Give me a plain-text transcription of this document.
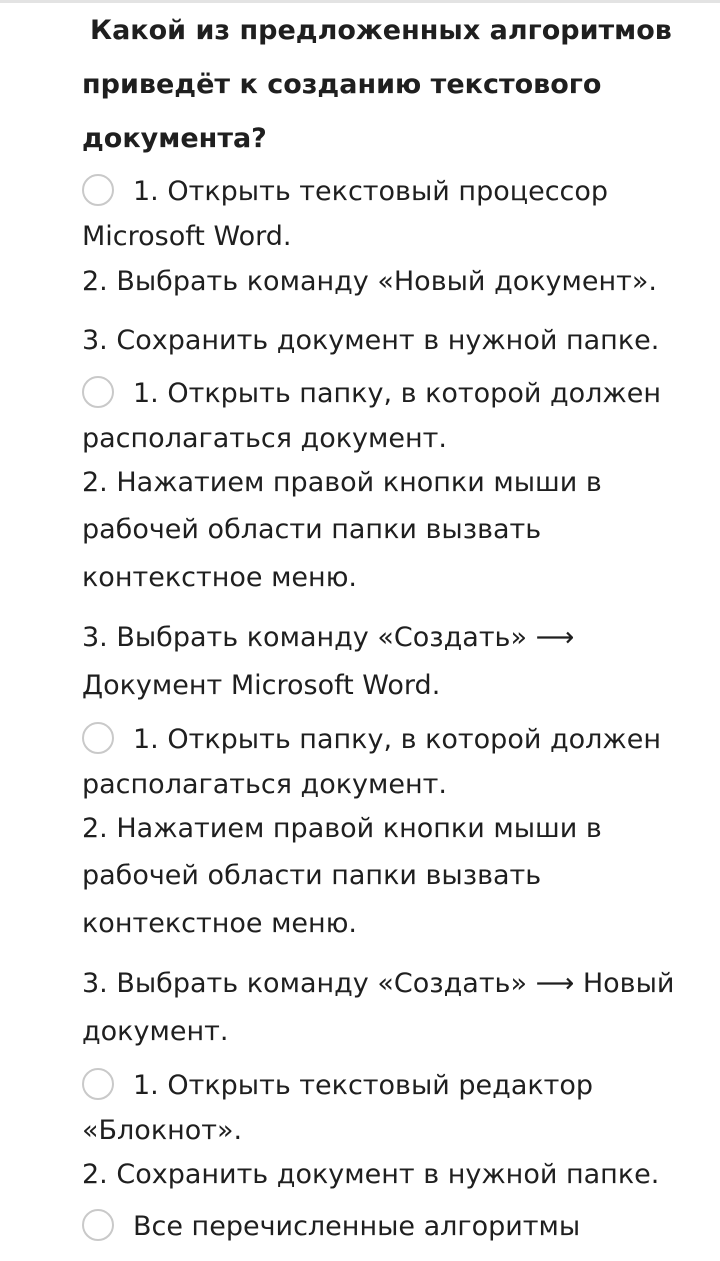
Какой из предложенных алгоритмов
приведёт к созданию текстового
документа?
1. Открыть текстовый процессор
Microsoft Word.
2. Выбрать команду «Новый документ».
3. Сохранить документ в нужной папке.
1. Открыть папку, в которой должен
располагаться документ.
2. Нажатием правой кнопки мыши в
рабочей области папки вызвать
контекстное меню.
3. Выбрать команду «Создать» ⟶
Документ Microsoft Word.
1. Открыть папку, в которой должен
располагаться документ.
2. Нажатием правой кнопки мыши в
рабочей области папки вызвать
контекстное меню.
3. Выбрать команду «Создать» ⟶ Новый
документ.
1. Открыть текстовый редактор
«Блокнот».
2. Сохранить документ в нужной папке.
Все перечисленные алгоритмы
